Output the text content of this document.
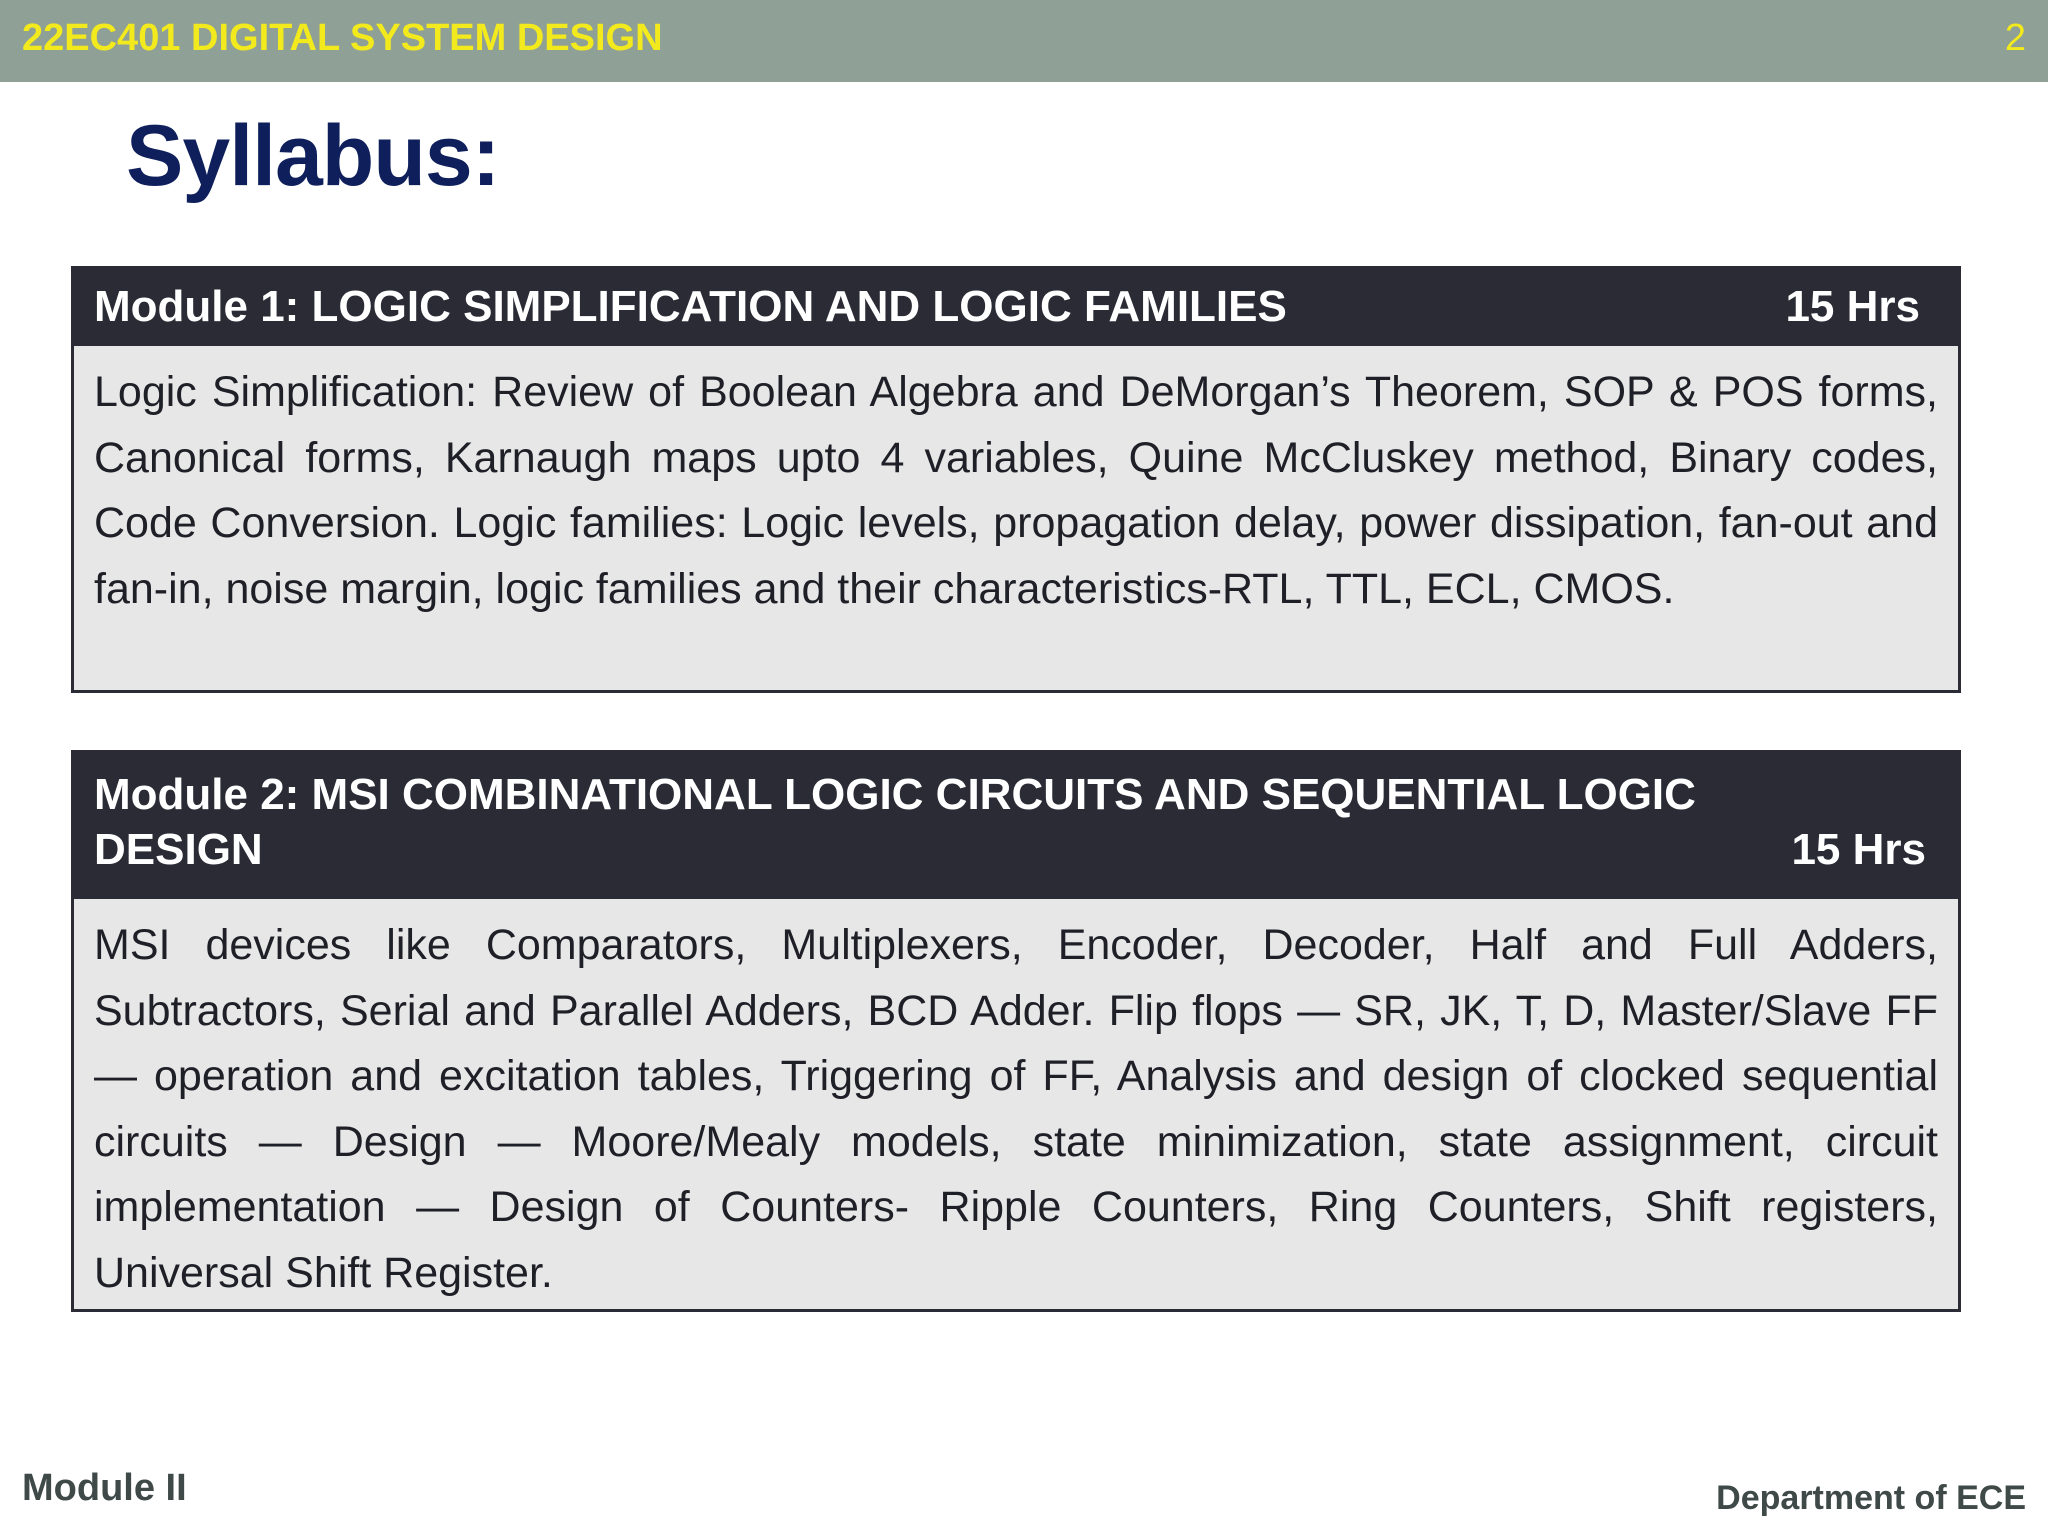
22EC401 DIGITAL SYSTEM DESIGN	2
Syllabus:
Module 1: LOGIC SIMPLIFICATION AND LOGIC FAMILIES	15 Hrs
Logic Simplification: Review of Boolean Algebra and DeMorgan’s Theorem, SOP & POS forms, Canonical forms, Karnaugh maps upto 4 variables, Quine McCluskey method, Binary codes, Code Conversion. Logic families: Logic levels, propagation delay, power dissipation, fan-out and fan-in, noise margin, logic families and their characteristics-RTL, TTL, ECL, CMOS.
Module 2: MSI COMBINATIONAL LOGIC CIRCUITS AND SEQUENTIAL LOGIC DESIGN	15 Hrs
MSI devices like Comparators, Multiplexers, Encoder, Decoder, Half and Full Adders, Subtractors, Serial and Parallel Adders, BCD Adder. Flip flops — SR, JK, T, D, Master/Slave FF — operation and excitation tables, Triggering of FF, Analysis and design of clocked sequential circuits — Design — Moore/Mealy models, state minimization, state assignment, circuit implementation — Design of Counters- Ripple Counters, Ring Counters, Shift registers, Universal Shift Register.
Module II	Department of ECE
